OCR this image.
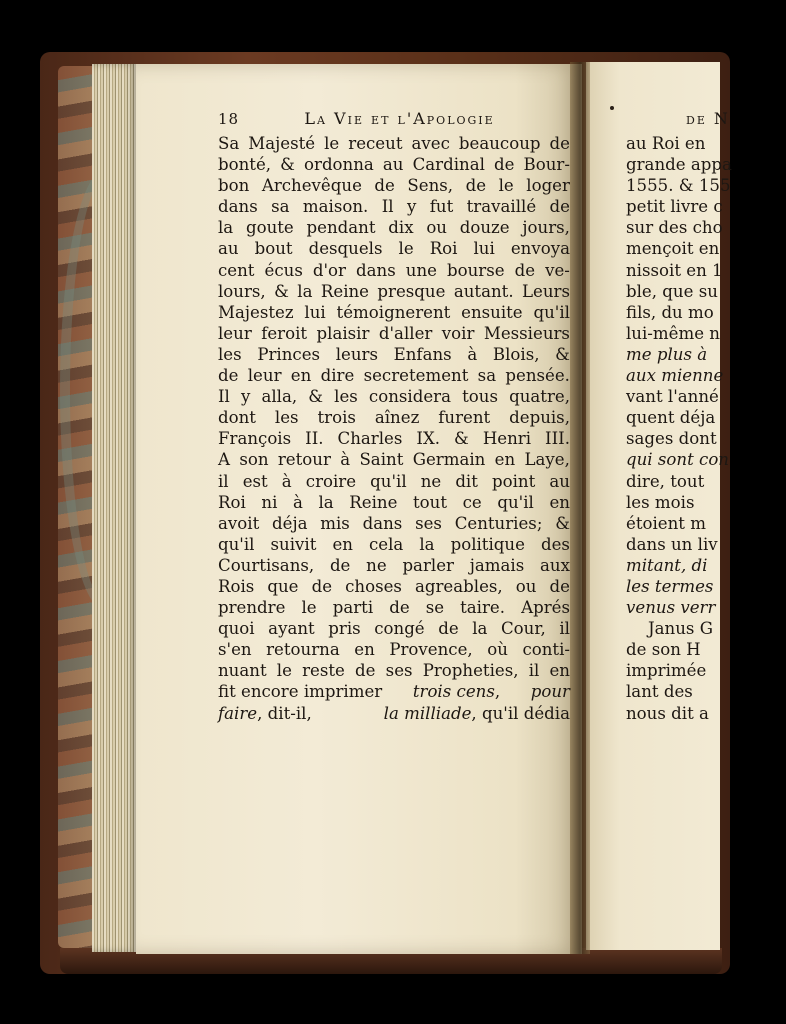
18	La Vie et l'Apologie
Sa Majesté le receut avec beaucoup de
bonté, & ordonna au Cardinal de Bour-
bon Archevêque de Sens, de le loger
dans sa maison. Il y fut travaillé de
la goute pendant dix ou douze jours,
au bout desquels le Roi lui envoya
cent écus d'or dans une bourse de ve-
lours, & la Reine presque autant. Leurs
Majestez lui témoignerent ensuite qu'il
leur feroit plaisir d'aller voir Messieurs
les Princes leurs Enfans à Blois, &
de leur en dire secretement sa pensée.
Il y alla, & les considera tous quatre,
dont les trois aînez furent depuis,
François II. Charles IX. & Henri III.
A son retour à Saint Germain en Laye,
il est à croire qu'il ne dit point au
Roi ni à la Reine tout ce qu'il en
avoit déja mis dans ses Centuries; &
qu'il suivit en cela la politique des
Courtisans, de ne parler jamais aux
Rois que de choses agreables, ou de
prendre le parti de se taire. Aprés
quoi ayant pris congé de la Cour, il
s'en retourna en Provence, où conti-
nuant le reste de ses Propheties, il en
fit encore imprimer trois cens, pour
faire, dit-il,	la milliade, qu'il dédia
de N
au Roi en
grande appa
1555. & 155
petit livre c
sur des cho
mençoit en
nissoit en 1
ble, que su
fils, du mo
lui-même n
me plus à
aux mienne
vant l'anné
quent déja
sages dont
qui sont con
dire, tout
les mois
étoient m
dans un liv
mitant, di
les termes
venus verr
Janus G
de son H
imprimée
lant des
nous dit a
